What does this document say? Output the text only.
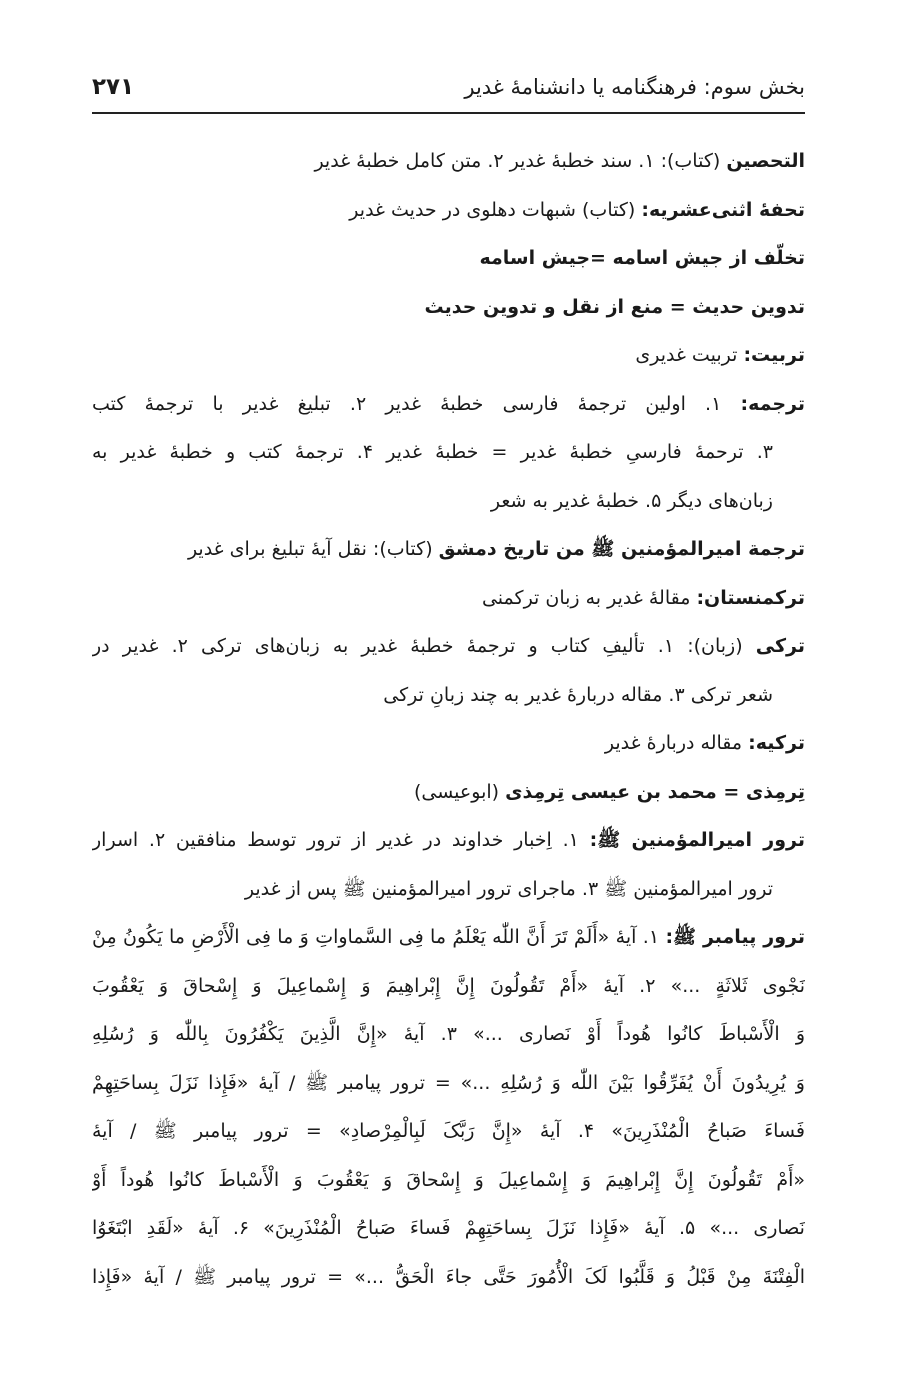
بخش سوم: فرهنگنامه یا دانشنامهٔ غدیر
۲۷۱
التحصین (کتاب): ۱. سند خطبهٔ غدیر ۲. متن کامل خطبهٔ غدیر
تحفهٔ اثنی‌عشریه: (کتاب) شبهات دهلوی در حدیث غدیر
تخلّف از جیش اسامه =جیش اسامه
تدوین حدیث = منع از نقل و تدوین حدیث
تربیت: تربیت غدیری
ترجمه: ۱. اولین ترجمهٔ فارسی خطبهٔ غدیر ۲. تبلیغ غدیر با ترجمهٔ کتب
۳. ترحمهٔ فارسیِ خطبهٔ غدیر = خطبهٔ غدیر ۴. ترجمهٔ کتب و خطبهٔ غدیر به
زبان‌های دیگر ۵. خطبهٔ غدیر به شعر
ترجمة امیرالمؤمنین ﷺ من تاریخ دمشق (کتاب): نقل آیهٔ تبلیغ برای غدیر
ترکمنستان: مقالهٔ غدیر به زبان ترکمنی
ترکی (زبان): ۱. تألیفِ کتاب و ترجمهٔ خطبهٔ غدیر به زبان‌های ترکی ۲. غدیر در
شعر ترکی ۳. مقاله دربارهٔ غدیر به چند زبانِ ترکی
ترکیه: مقاله دربارهٔ غدیر
تِرمِذی = محمد بن عیسی تِرمِذی (ابوعیسی)
ترور امیرالمؤمنین ﷺ: ۱. اِخبار خداوند در غدیر از ترور توسط منافقین ۲. اسرار
ترور امیرالمؤمنین ﷺ ۳. ماجرای ترور امیرالمؤمنین ﷺ پس از غدیر
ترور پیامبر ﷺ: ۱. آیهٔ «أَلَمْ تَرَ أَنَّ اللّٰه یَعْلَمُ ما فِی السَّماواتِ وَ ما فِی الْأَرْضِ ما یَکُونُ مِنْ
نَجْوی ثَلاثَةٍ ...» ۲. آیهٔ «أَمْ تَقُولُونَ إِنَّ إِبْراهِیمَ وَ إِسْماعِیلَ وَ إِسْحاقَ وَ یَعْقُوبَ
وَ الْأَسْباطَ کانُوا هُوداً أَوْ نَصاری ...» ۳. آیهٔ «إِنَّ الَّذِینَ یَکْفُرُونَ بِاللّٰه وَ رُسُلِهِ
وَ یُرِیدُونَ أَنْ یُفَرِّقُوا بَیْنَ اللّٰه وَ رُسُلِهِ ...» = ترور پیامبر ﷺ / آیهٔ «فَإِذا نَزَلَ بِساحَتِهِمْ
فَساءَ صَباحُ الْمُنْذَرِینَ» ۴. آیهٔ «إِنَّ رَبَّکَ لَبِالْمِرْصادِ» = ترور پیامبر ﷺ / آیهٔ
«أَمْ تَقُولُونَ إِنَّ إِبْراهِیمَ وَ إِسْماعِیلَ وَ إِسْحاقَ وَ یَعْقُوبَ وَ الْأَسْباطَ کانُوا هُوداً أَوْ
نَصاری ...» ۵. آیهٔ «فَإِذا نَزَلَ بِساحَتِهِمْ فَساءَ صَباحُ الْمُنْذَرِینَ» ۶. آیهٔ «لَقَدِ ابْتَغَوُا
الْفِتْنَةَ مِنْ قَبْلُ وَ قَلَّبُوا لَکَ الْأُمُورَ حَتَّی جاءَ الْحَقُّ ...» = ترور پیامبر ﷺ / آیهٔ «فَإِذا
